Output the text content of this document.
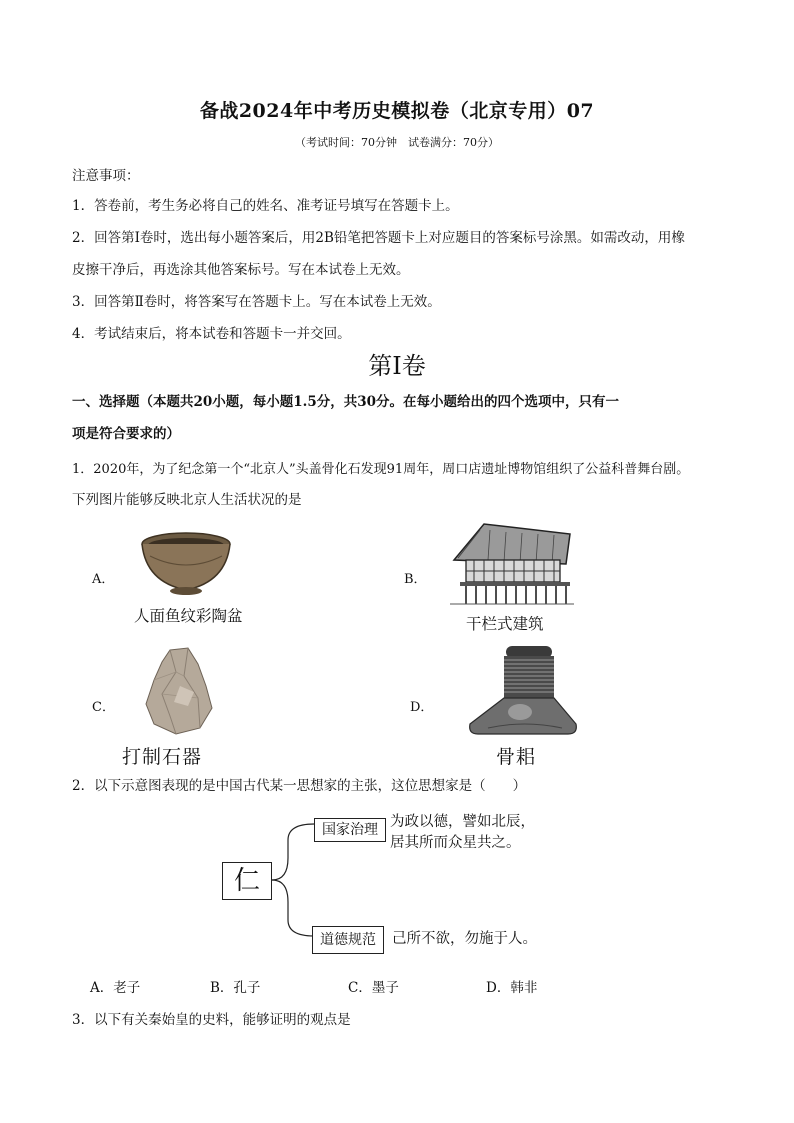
备战2024年中考历史模拟卷（北京专用）07
（考试时间：70分钟　试卷满分：70分）
注意事项：
1．答卷前，考生务必将自己的姓名、准考证号填写在答题卡上。
2．回答第Ⅰ卷时，选出每小题答案后，用2B铅笔把答题卡上对应题目的答案标号涂黑。如需改动，用橡
皮擦干净后，再选涂其他答案标号。写在本试卷上无效。
3．回答第Ⅱ卷时，将答案写在答题卡上。写在本试卷上无效。
4．考试结束后，将本试卷和答题卡一并交回。
第Ⅰ卷
一、选择题（本题共20小题，每小题1.5分，共30分。在每小题给出的四个选项中，只有一
项是符合要求的）
1．2020年，为了纪念第一个“北京人”头盖骨化石发现91周年，周口店遗址博物馆组织了公益科普舞台剧。
下列图片能够反映北京人生活状况的是
A．
人面鱼纹彩陶盆
B．
干栏式建筑
C．
打制石器
D．
骨耜
2．以下示意图表现的是中国古代某一思想家的主张，这位思想家是（　　）
仁
国家治理 为政以德，譬如北辰，
居其所而众星共之。
道德规范	己所不欲，勿施于人。
A．老子	B．孔子	C．墨子	D．韩非
3．以下有关秦始皇的史料，能够证明的观点是
